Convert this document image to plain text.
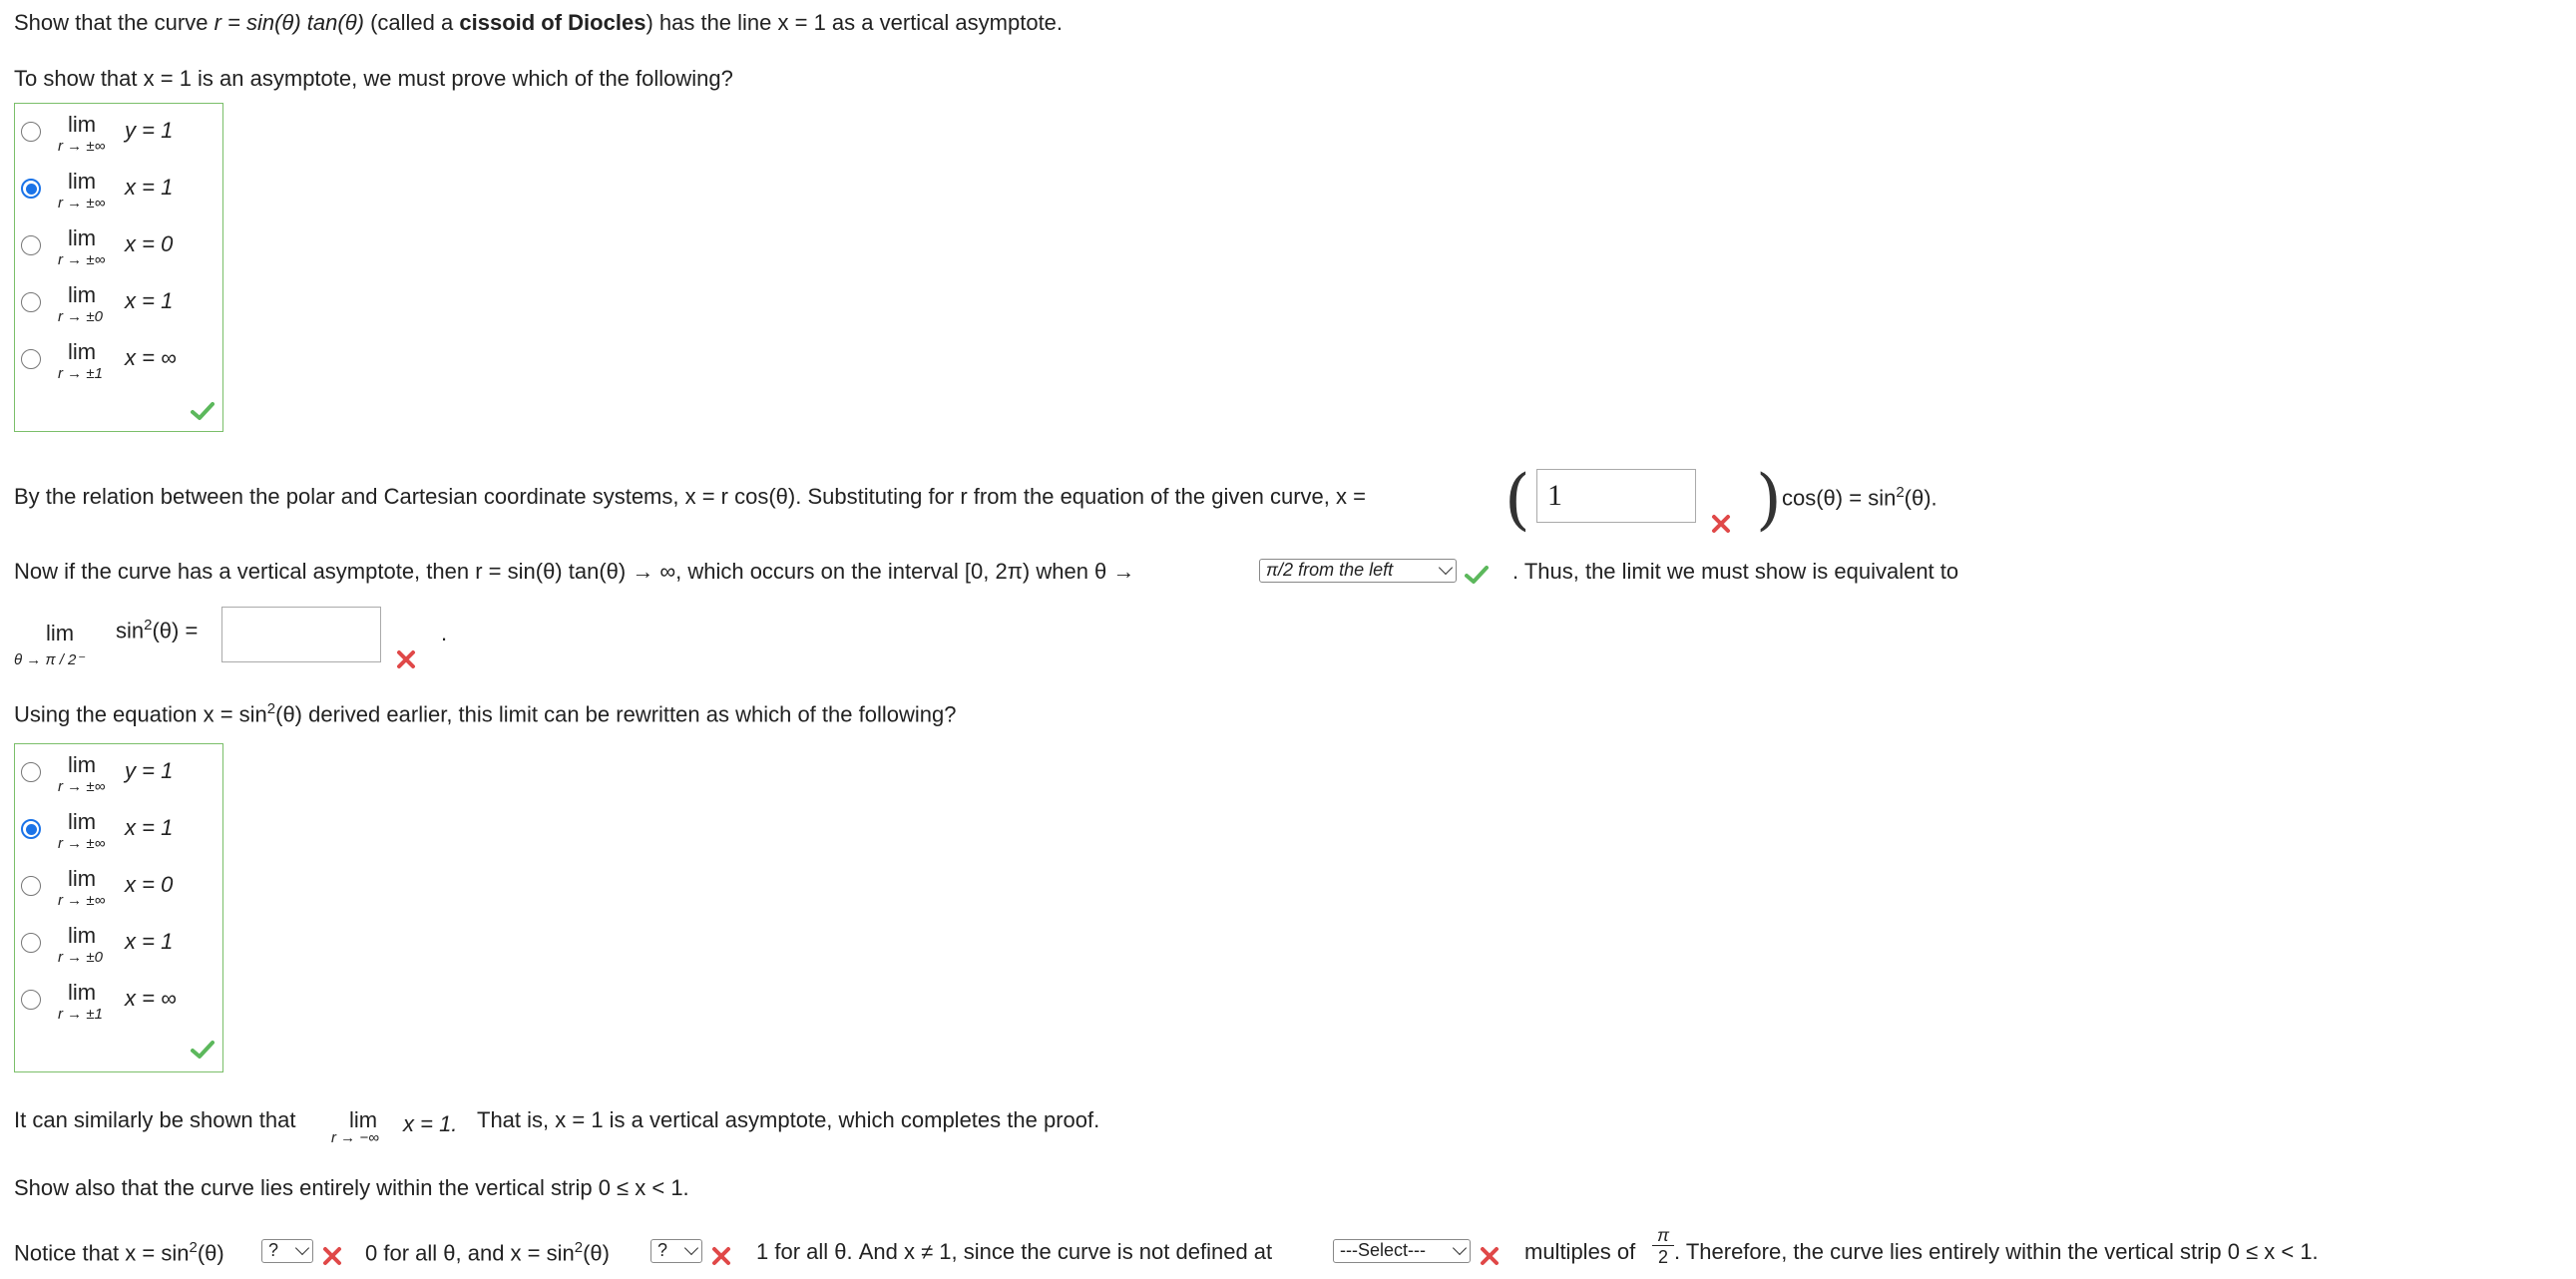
Show that the curve r = sin(θ) tan(θ) (called a cissoid of Diocles) has the line x = 1 as a vertical asymptote.
To show that x = 1 is an asymptote, we must prove which of the following?
lim
r → ±∞
y = 1
lim
r → ±∞
x = 1
lim
r → ±∞
x = 0
lim
r → ±0
x = 1
lim
r → ±1
x = ∞
By the relation between the polar and Cartesian coordinate systems, x = r cos(θ). Substituting for r from the equation of the given curve, x = (
1	) $\cos(\theta) = \sin^2(\theta)$.
Now if the curve has a vertical asymptote, then r = sin(θ) tan(θ) → ∞, which occurs on the interval [0, 2π) when θ →	π/2 from the left	. Thus, the limit we must show is equivalent to
lim
θ → π / 2⁻
$\sin^2(\theta)$ =	.
Using the equation $x = \sin^2(\theta)$ derived earlier, this limit can be rewritten as which of the following?
lim
r → ±∞
y = 1
lim
r → ±∞
x = 1
lim
r → ±∞
x = 0
lim
r → ±0
x = 1
lim
r → ±1
x = ∞
It can similarly be shown that lim
r → −∞
x = 1. That is, x = 1 is a vertical asymptote, which completes the proof.
Show also that the curve lies entirely within the vertical strip 0 ≤ x < 1.
Notice that $x = \sin^2(\theta)$	?	0 for all θ, and $x = \sin^2(\theta)$	?	1 for all θ. And x ≠ 1, since the curve is not defined at	---Select---	multiples of $\frac{\pi}{2}$ . Therefore, the curve lies entirely within the vertical strip 0 ≤ x < 1.
